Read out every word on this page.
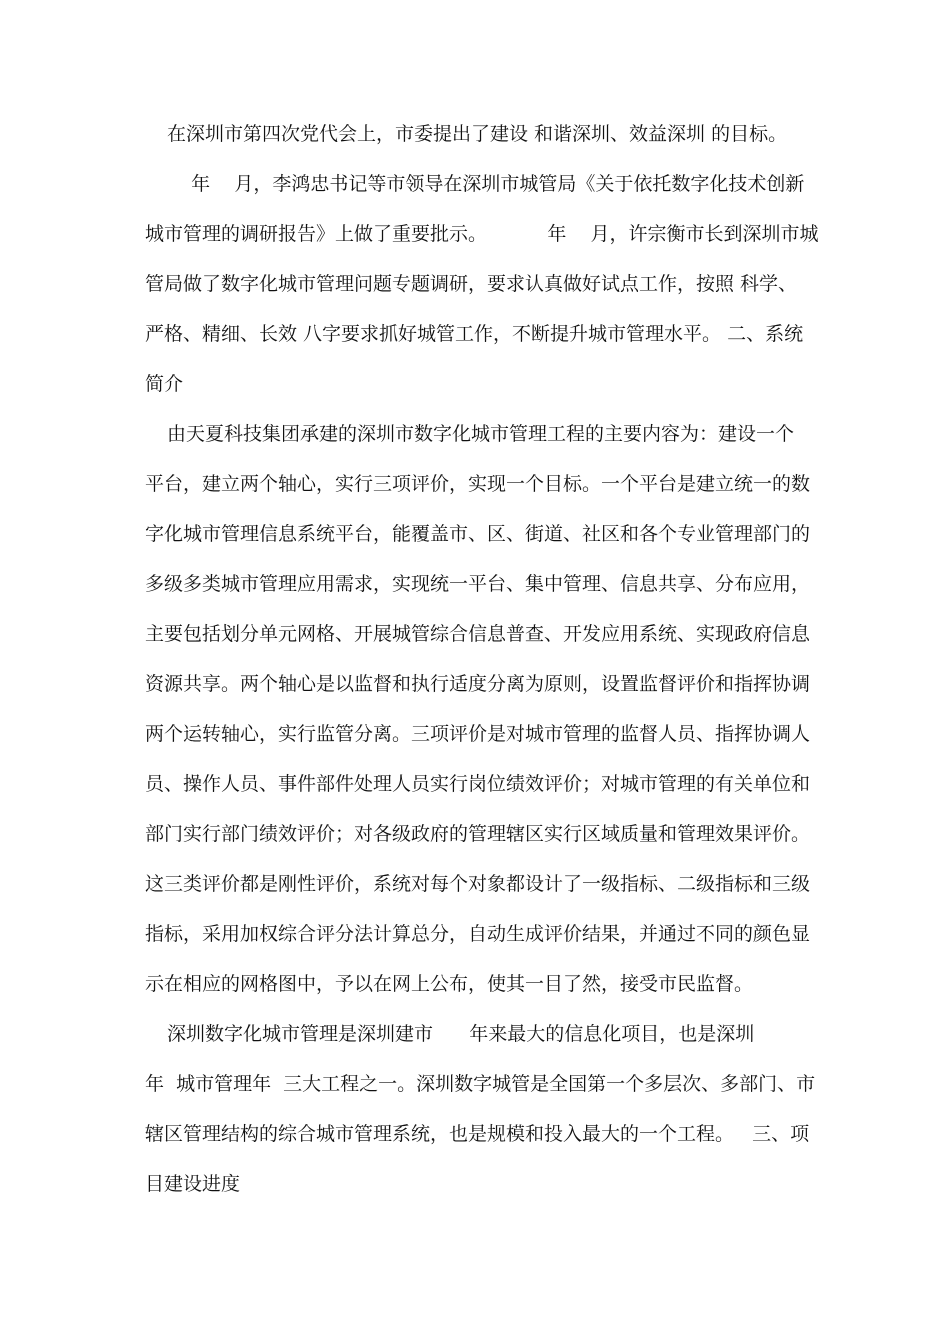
在深圳市第四次党代会上，市委提出了建设 和谐深圳、效益深圳 的目标。
年    月，李鸿忠书记等市领导在深圳市城管局《关于依托数字化技术创新
城市管理的调研报告》上做了重要批示。          年    月，许宗衡市长到深圳市城
管局做了数字化城市管理问题专题调研，要求认真做好试点工作，按照 科学、
严格、精细、长效 八字要求抓好城管工作，不断提升城市管理水平。 二、系统
简介
由天夏科技集团承建的深圳市数字化城市管理工程的主要内容为：建设一个
平台，建立两个轴心，实行三项评价，实现一个目标。一个平台是建立统一的数
字化城市管理信息系统平台，能覆盖市、区、街道、社区和各个专业管理部门的
多级多类城市管理应用需求，实现统一平台、集中管理、信息共享、分布应用，
主要包括划分单元网格、开展城管综合信息普查、开发应用系统、实现政府信息
资源共享。两个轴心是以监督和执行适度分离为原则，设置监督评价和指挥协调
两个运转轴心，实行监管分离。三项评价是对城市管理的监督人员、指挥协调人
员、操作人员、事件部件处理人员实行岗位绩效评价；对城市管理的有关单位和
部门实行部门绩效评价；对各级政府的管理辖区实行区域质量和管理效果评价。
这三类评价都是刚性评价，系统对每个对象都设计了一级指标、二级指标和三级
指标，采用加权综合评分法计算总分，自动生成评价结果，并通过不同的颜色显
示在相应的网格图中，予以在网上公布，使其一目了然，接受市民监督。
深圳数字化城市管理是深圳建市      年来最大的信息化项目，也是深圳
年  城市管理年  三大工程之一。深圳数字城管是全国第一个多层次、多部门、市
辖区管理结构的综合城市管理系统，也是规模和投入最大的一个工程。   三、项
目建设进度
